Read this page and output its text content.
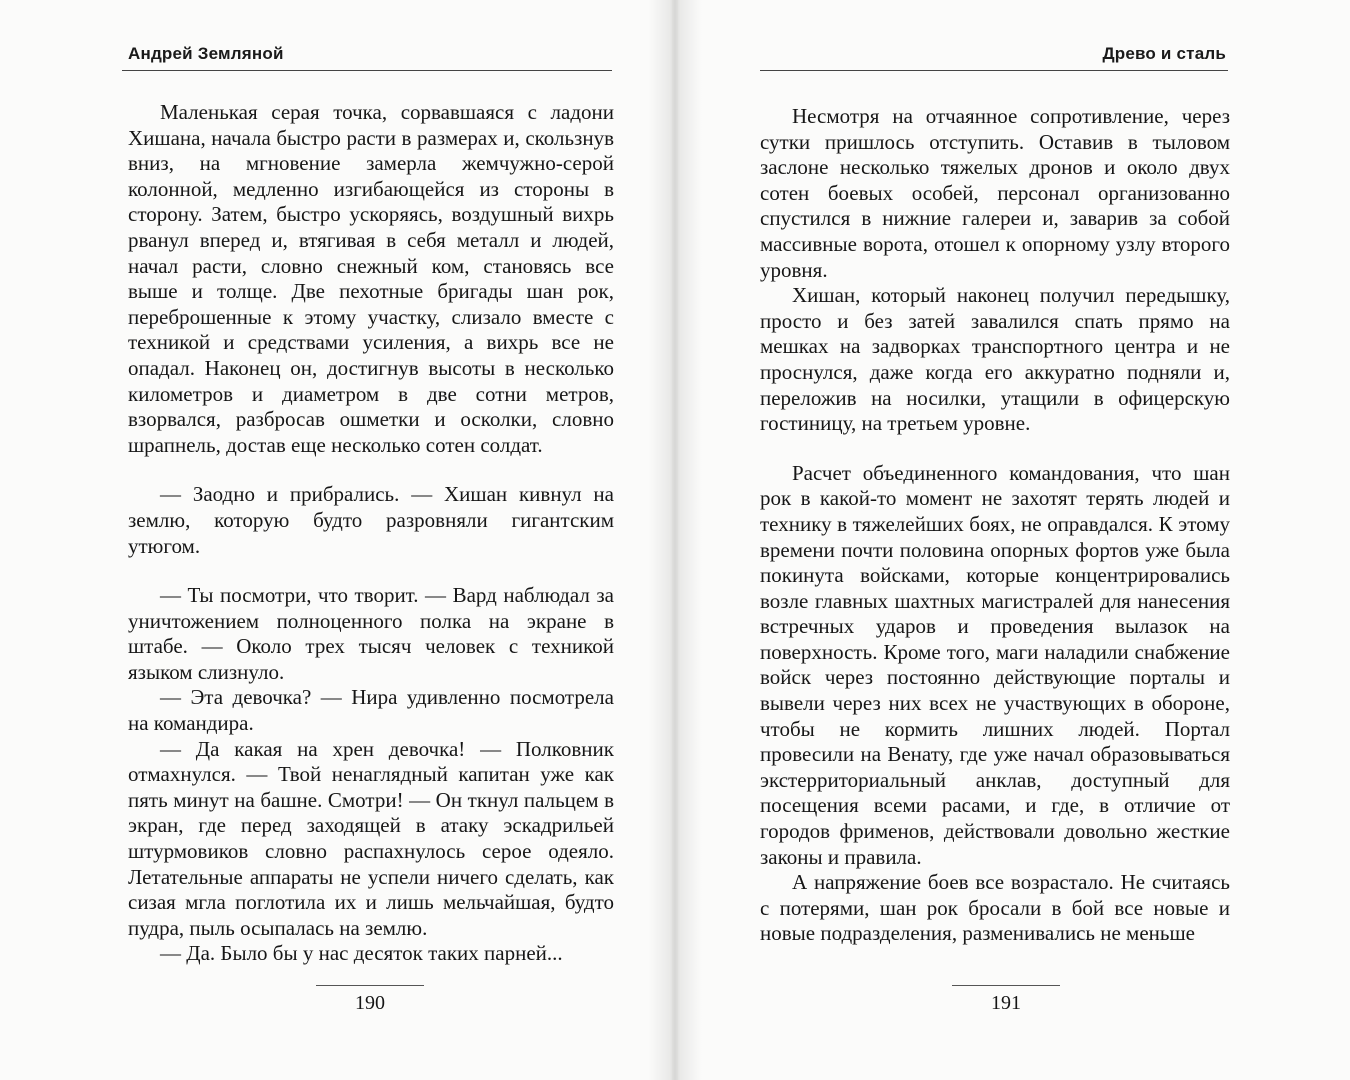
Андрей Земляной

Маленькая серая точка, сорвавшаяся с ладони Хишана, начала быстро расти в размерах и, скользнув вниз, на мгновение замерла жемчужно-серой колонной, медленно изгибающейся из стороны в сторону. Затем, быстро ускоряясь, воздушный вихрь рванул вперед и, втягивая в себя металл и людей, начал расти, словно снежный ком, становясь все выше и толще. Две пехотные бригады шан рок, переброшенные к этому участку, слизало вместе с техникой и средствами усиления, а вихрь все не опадал. Наконец он, достигнув высоты в несколько километров и диаметром в две сотни метров, взорвался, разбросав ошметки и осколки, словно шрапнель, достав еще несколько сотен солдат.

— Заодно и прибрались. — Хишан кивнул на землю, которую будто разровняли гигантским утюгом.

— Ты посмотри, что творит. — Вард наблюдал за уничтожением полноценного полка на экране в штабе. — Около трех тысяч человек с техникой языком слизнуло.

— Эта девочка? — Нира удивленно посмотрела на командира.

— Да какая на хрен девочка! — Полковник отмахнулся. — Твой ненаглядный капитан уже как пять минут на башне. Смотри! — Он ткнул пальцем в экран, где перед заходящей в атаку эскадрильей штурмовиков словно распахнулось серое одеяло. Летательные аппараты не успели ничего сделать, как сизая мгла поглотила их и лишь мельчайшая, будто пудра, пыль осыпалась на землю.

— Да. Было бы у нас десяток таких парней...

190
Древо и сталь

Несмотря на отчаянное сопротивление, через сутки пришлось отступить. Оставив в тыловом заслоне несколько тяжелых дронов и около двух сотен боевых особей, персонал организованно спустился в нижние галереи и, заварив за собой массивные ворота, отошел к опорному узлу второго уровня.

Хишан, который наконец получил передышку, просто и без затей завалился спать прямо на мешках на задворках транспортного центра и не проснулся, даже когда его аккуратно подняли и, переложив на носилки, утащили в офицерскую гостиницу, на третьем уровне.

Расчет объединенного командования, что шан рок в какой-то момент не захотят терять людей и технику в тяжелейших боях, не оправдался. К этому времени почти половина опорных фортов уже была покинута войсками, которые концентрировались возле главных шахтных магистралей для нанесения встречных ударов и проведения вылазок на поверхность. Кроме того, маги наладили снабжение войск через постоянно действующие порталы и вывели через них всех не участвующих в обороне, чтобы не кормить лишних людей. Портал провесили на Венату, где уже начал образовываться экстерриториальный анклав, доступный для посещения всеми расами, и где, в отличие от городов фрименов, действовали довольно жесткие законы и правила.

А напряжение боев все возрастало. Не считаясь с потерями, шан рок бросали в бой все новые и новые подразделения, разменивались не меньше

191
